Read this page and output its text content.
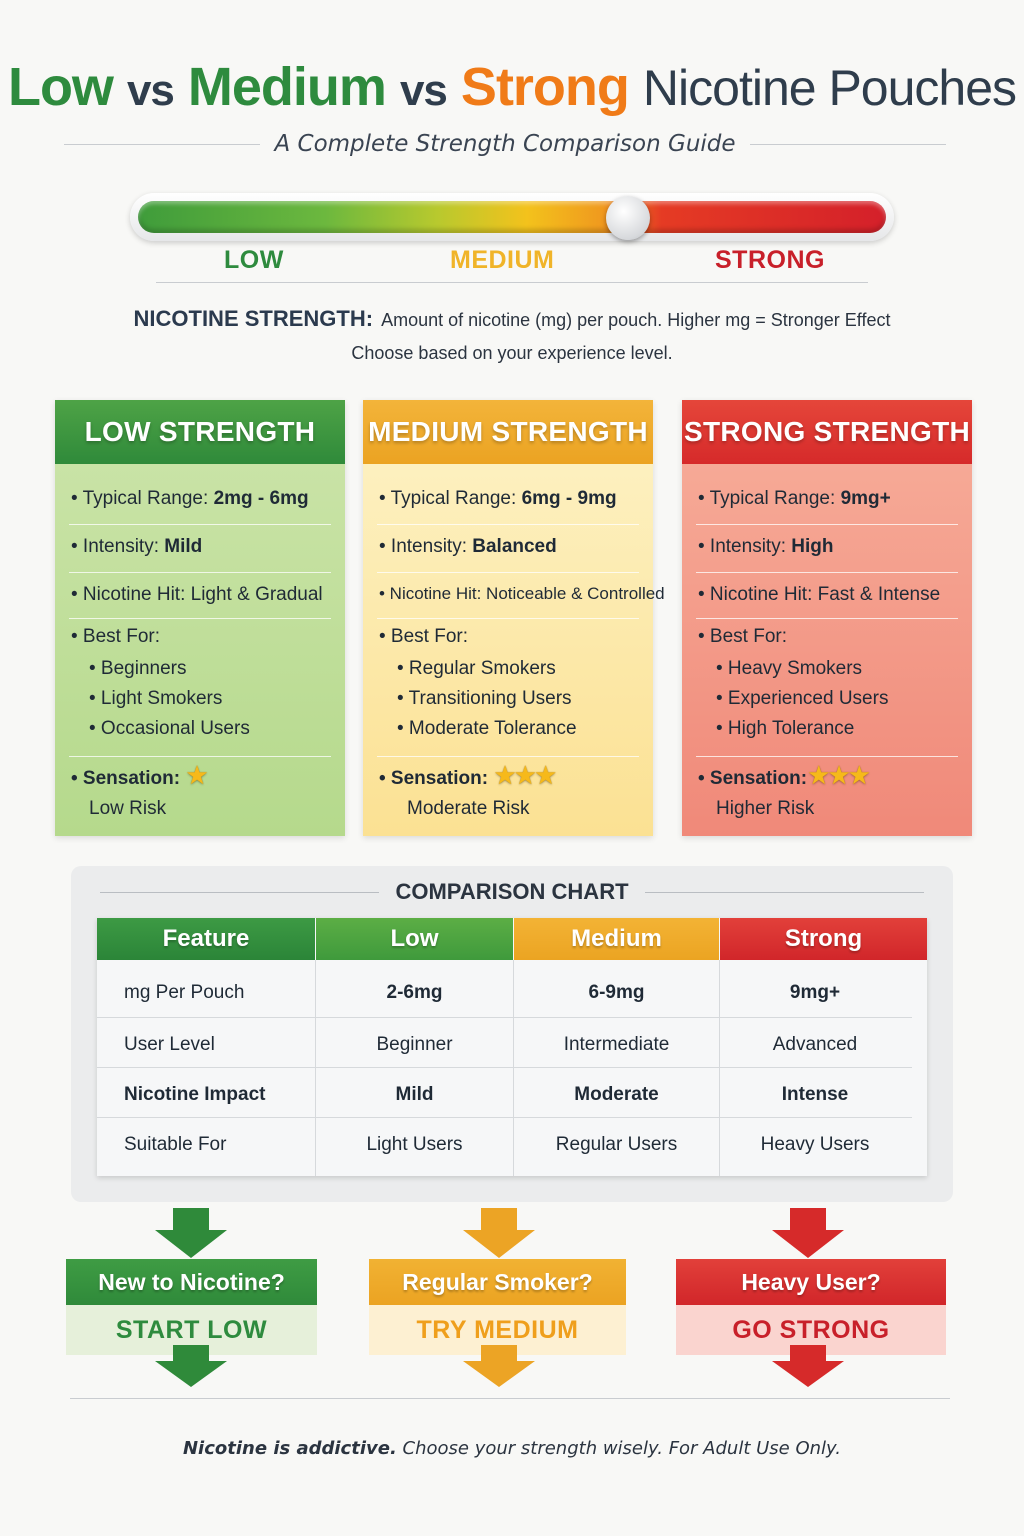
Low vs Medium vs Strong Nicotine Pouches
A Complete Strength Comparison Guide
LOW	MEDIUM	STRONG
NICOTINE STRENGTH: Amount of nicotine (mg) per pouch. Higher mg = Stronger Effect
Choose based on your experience level.
LOW STRENGTH
• Typical Range: 2mg - 6mg
• Intensity: Mild
• Nicotine Hit: Light & Gradual
• Best For:
• Beginners
• Light Smokers
• Occasional Users
• Sensation: ★
Low Risk
MEDIUM STRENGTH
• Typical Range: 6mg - 9mg
• Intensity: Balanced
• Nicotine Hit: Noticeable & Controlled
• Best For:
• Regular Smokers
• Transitioning Users
• Moderate Tolerance
• Sensation: ★★★
Moderate Risk
STRONG STRENGTH
• Typical Range: 9mg+
• Intensity: High
• Nicotine Hit: Fast & Intense
• Best For:
• Heavy Smokers
• Experienced Users
• High Tolerance
• Sensation:★★★
Higher Risk
COMPARISON CHART
Feature	Low	Medium	Strong
mg Per Pouch	2-6mg	6-9mg	9mg+
User Level	Beginner	Intermediate	Advanced
Nicotine Impact	Mild	Moderate	Intense
Suitable For	Light Users	Regular Users	Heavy Users
New to Nicotine?
START LOW
Regular Smoker?
TRY MEDIUM
Heavy User?
GO STRONG
Nicotine is addictive. Choose your strength wisely. For Adult Use Only.
